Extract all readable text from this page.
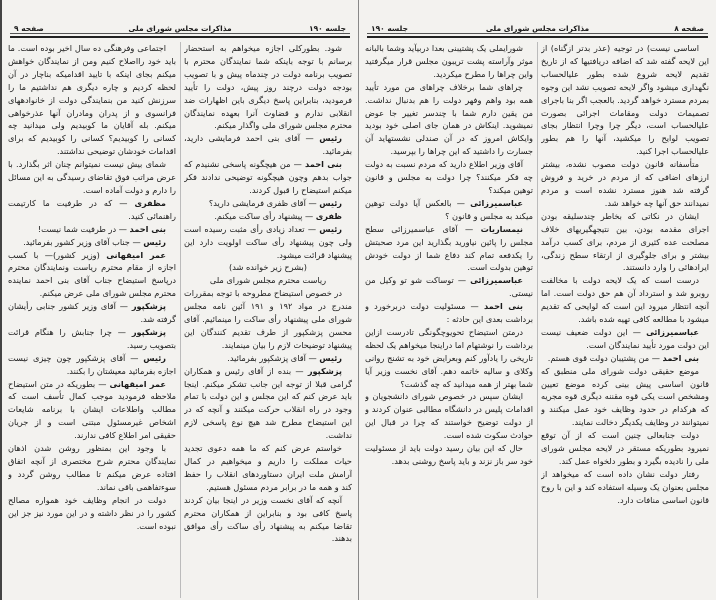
جلسه ۱۹۰
مذاکرات مجلس شورای ملی
صفحه ۹

شود. بطورکلی اجازه میخواهم به استحضار برسانم با توجه باینکه شما نمایندگان محترم با تصویب برنامه دولت در چندماه پیش و با تصویب بودجه دولت درچند روز پیش، دولت را تأیید فرمودید، بنابراین پاسخ دیگری باین اظهارات ضد انقلابی ندارم و قضاوت آنرا بعهده نمایندگان محترم مجلس شورای ملی واگذار میکنم.

رئیس — آقای بنی احمد فرمایشی دارید، بفرمائید.

بنی احمد — من هیچگونه پاسخی نشنیدم که جواب بدهم وچون هیچگونه توضیحی ندادند فکر میکنم استیضاح را قبول کردند.

رئیس — آقای ظفری فرمایشی دارید؟

ظفری — پیشنهاد رأی ساکت میکنم.

رئیس — تعداد زیادی رأی مثبت رسیده است ولی چون پیشنهاد رأی ساکت اولویت دارد این پیشنهاد قرائت میشود.

(بشرح زیر خوانده شد)

ریاست محترم مجلس شورای ملی

در خصوص استیضاح مطروحه با توجه بمقررات مندرج در مواد ۱۹۲ و ۱۹۱ آئین نامه مجلس شورای ملی پیشنهاد رأی ساکت را مینمائیم. آقای محسن پزشکپور از طرف تقدیم کنندگان این پیشنهاد توضیحات لازم را بیان مینمایند.

رئیس — آقای پزشکپور بفرمائید.

پزشکپور — بنده از آقای رئیس و همکاران گرامی قبلا از توجه این جانب تشکر میکنم. اینجا باید عرض کنم که این مجلس و این دولت با تمام وجود در راه انقلاب حرکت میکنند و آنچه که در این استیضاح مطرح شد هیچ نوع پاسخی لازم نداشت.

خواستم عرض کنم که ما همه دعوی تجدید حیات مملکت را داریم و میخواهیم در کمال آرامش ملت ایران دستاوردهای انقلاب را حفظ کند و همه ما در برابر مردم مسئول هستیم.

آنچه که آقای نخست وزیر در اینجا بیان کردند پاسخ کافی بود و بنابراین از همکاران محترم تقاضا میکنم به پیشنهاد رأی ساکت رأی موافق بدهند.

اجتماعی وفرهنگی ده سال اخیر بوده است. ما باید خود رااصلاح کنیم ومن از نمایندگان خواهش میکنم بجای اینکه با تایید اقدامیکه بناچار در آن لحظه کردیم و چاره دیگری هم نداشتیم ما را سرزنش کنید من بنمایندگی دولت از خانوادههای فرانسوی و از پدران ومادران آنها عذرخواهی میکنم. بله آقایان ما کوبیدیم ولی میدانید چه کسانی را کوبیدیم؟ کسانی را کوبیدیم که برای اقدامات خودشان توضیحی نداشتند.

شمای بیش نیست نمیتوانم چنان اثر بگذارد. با عرض مراتب فوق تقاضای رسیدگی به این مسائل را دارم و دولت آماده است.

مظفری — که در طرفیت ما کارتیمت راهنمائی کنید.

بنی احمد — در طرفیت شما نیست!

رئیس — جناب آقای وزیر کشور بفرمائید.

عمر امیقهانی (وزیر کشور)— با کسب اجازه از مقام محترم ریاست ونمایندگان محترم درپاسخ استیضاح جناب آقای بنی احمد نماینده محترم مجلس شورای ملی عرض میکنم.

پزشکپور — آقای وزیر کشور جنابی رأیشان گرفته شد.

پزشکپور — چرا جنابش را هنگام قرائت بتصویب رسید.

رئیس — آقای پزشکپور چون چیزی نیست اجازه بفرمائید معیشتان را بکنند.

عمر امیقهانی — بطوریکه در متن استیضاح ملاحظه فرمودید موجب کمال تأسف است که مطالب واطلاعات ایشان با برنامه شایعات اشخاص غیرمسئول مبتنی است و از جریان حقیقی امر اطلاع کافی ندارند.

با وجود این بمنظور روشن شدن اذهان نمایندگان محترم شرح مختصری از آنچه اتفاق افتاده عرض میکنم تا مطالب روشن گردد و سوءتفاهمی باقی نماند.

دولت در انجام وظایف خود همواره مصالح کشور را در نظر داشته و در این مورد نیز جز این نبوده است.

صفحه ۸
مذاکرات مجلس شورای ملی
جلسه ۱۹۰

اساسی نیست) در توجیه (عذر بدتر ازگناه) از این لایحه گفته شد که اضافه دریافتیها که از تاریخ تقدیم لایحه شروع شده بطور علیالحساب نگهداری میشود واگر لایحه تصویب نشد این وجوه بمردم مسترد خواهد گردید. بالعجب اگر بنا باجرای تصمیمات دولت ومقامات اجرائی بصورت علیالحساب است، دیگر چرا وچرا انتظار بجای تصویب لوایح را میکشید، آنها را هم بطور علیالحساب اجرا کنید.

متأسفانه قانون دولت مصوب نشده، بیشتر ارزهای اضافی که از مردم در خرید و فروش گرفته شد هنوز مسترد نشده است و مردم نمیدانند حق آنها چه خواهد شد.

ایشان در نکاتی که بخاطر چندسلیقه بودن اجرای مقدمه بودن، بین نتیجهگیریهای خلاف مصلحت عده کثیری از مردم، برای کسب درآمد بیشتر و برای جلوگیری از ارتقاء سطح زندگی، ایرادهائی را وارد دانستند.

درست است که یک لایحه دولت با مخالفت روبرو شد و استرداد آن هم حق دولت است. اما آنچه انتظار میرود این است که لوایحی که تقدیم میشود با مطالعه کافی تهیه شده باشد.

عباسمیرزائی — این دولت ضعیف نیست این دولت مورد تأیید نمایندگان است.

بنی احمد — من پشتیبان دولت قوی هستم.

موضع حقیقی دولت شورای ملی منطبق که قانون اساسی پیش بینی کرده موضع تعیین ومشخص است یکی قوه مقننه دیگری قوه مجریه که هرکدام در حدود وظایف خود عمل میکنند و نمیتوانند در وظایف یکدیگر دخالت نمایند.

دولت جنابعالی چنین است که از آن توقع نمیرود بطوریکه مستقر در لایحه مجلس شورای ملی را نادیده بگیرد و بطور دلخواه عمل کند.

رفتار دولت نشان داده است که میخواهد از مجلس بعنوان یک وسیله استفاده کند و این با روح قانون اساسی منافات دارد.

شورایملی یک پشتیبنی بعدا دربیآید وشما بالبانه موثر وآراسته پشت تریبون مجلس قرار میگرفتید واین چراها را مطرح میکردید.

چراهای شما برخلاف چراهای من مورد تأیید همه بود واهم وفهر دولت را هم بدنبال نداشت. من یقین دارم شما با چندسر تغییر جا عوض نمیشوید. اینکاش در همان جای اصلی خود بودید وایکاش امروز که در آن صندلی نشستهاید آن جسارت را داشتید که این چراها را بپرسید.

آقای وزیر اطلاع دارید که مردم نسبت به دولت چه فکر میکنند؟ چرا دولت به مجلس و قانون توهین میکند؟

عباسمیرزائی — بالعکس آیا دولت توهین میکند به مجلس و قانون ؟

نیمساریات — آقای عباسمیرزائی سطح مجلس را پائین نیاورید بگذارید این مرد صحبتش را یکدفعه تمام کند دفاع شما از دولت خودش توهین بدولت است.

عباسمیرزائی — توساکت شو تو وکیل من نیستی.

بنی احمد — مسئولیت دولت دربرخورد و برداشت بعدی این حادثه :

درمتن استیضاح تحویوچگونگی تادرست ازاین برداشت را نوشتهام اما دراینجا میخواهم یک لحظه تاریخی را یادآور کنم وبعرایض خود به تشنج روانی وکلای و سالیه خاتمه دهم. آقای نخست وزیر آیا شما بهتر از همه میدانید که چه گذشت؟

ایشان سپس در خصوص شورای دانشجویان و اقدامات پلیس در دانشگاه مطالبی عنوان کردند و از دولت توضیح خواستند که چرا در قبال این حوادث سکوت شده است.

حال که این بیان رسید دولت باید از مسئولیت خود سر باز نزند و باید پاسخ روشنی بدهد.
